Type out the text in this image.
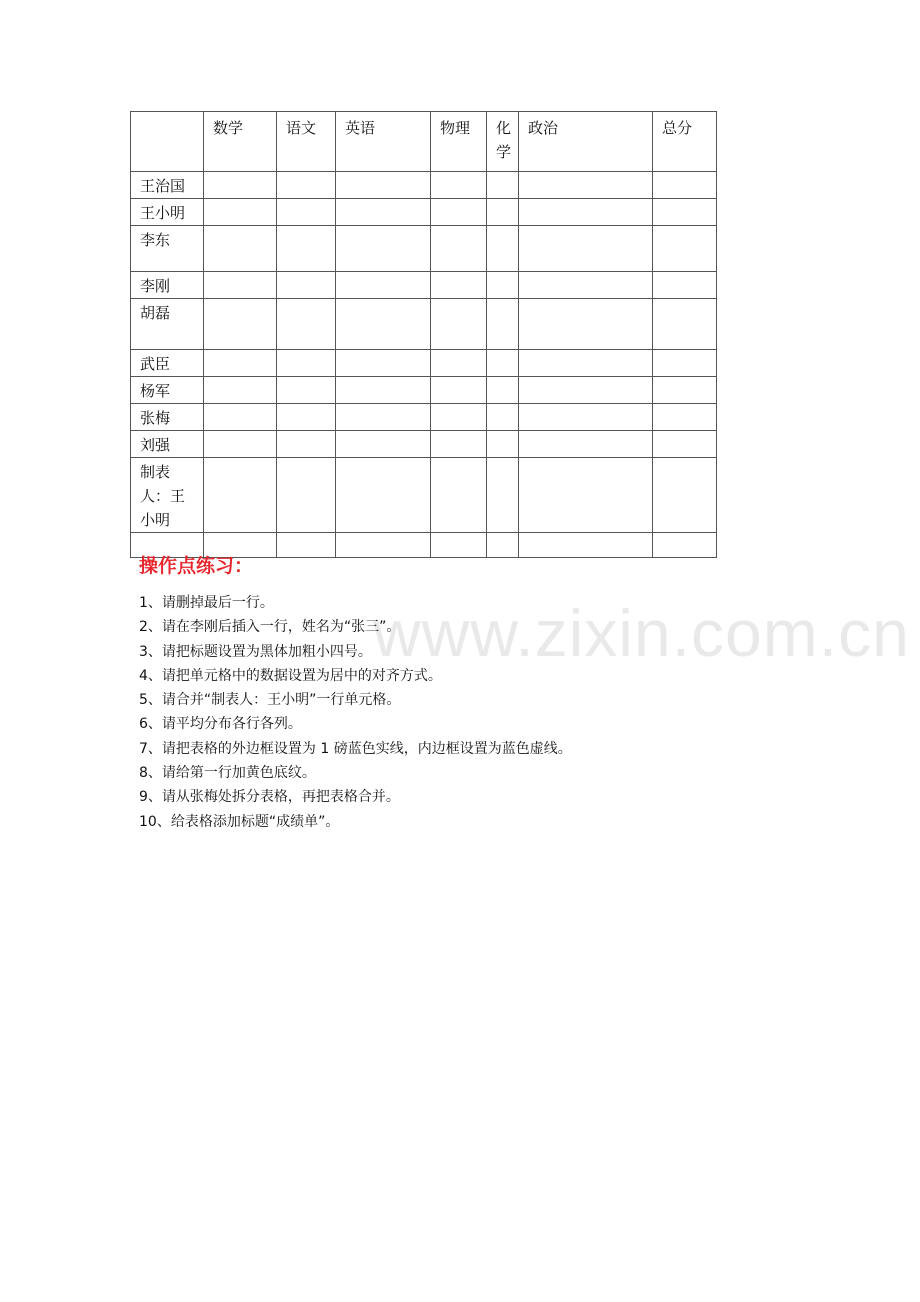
	数学	语文	英语	物理	化学	政治	总分
王治国							
王小明							
李东							
李刚							
胡磊							
武臣							
杨军							
张梅							
刘强							
制表人：王小明							

www.zixin.com.cn
操作点练习：
1、请删掉最后一行。
2、请在李刚后插入一行，姓名为“张三”。
3、请把标题设置为黑体加粗小四号。
4、请把单元格中的数据设置为居中的对齐方式。
5、请合并“制表人：王小明”一行单元格。
6、请平均分布各行各列。
7、请把表格的外边框设置为 1 磅蓝色实线，内边框设置为蓝色虚线。
8、请给第一行加黄色底纹。
9、请从张梅处拆分表格，再把表格合并。
10、给表格添加标题“成绩单”。
